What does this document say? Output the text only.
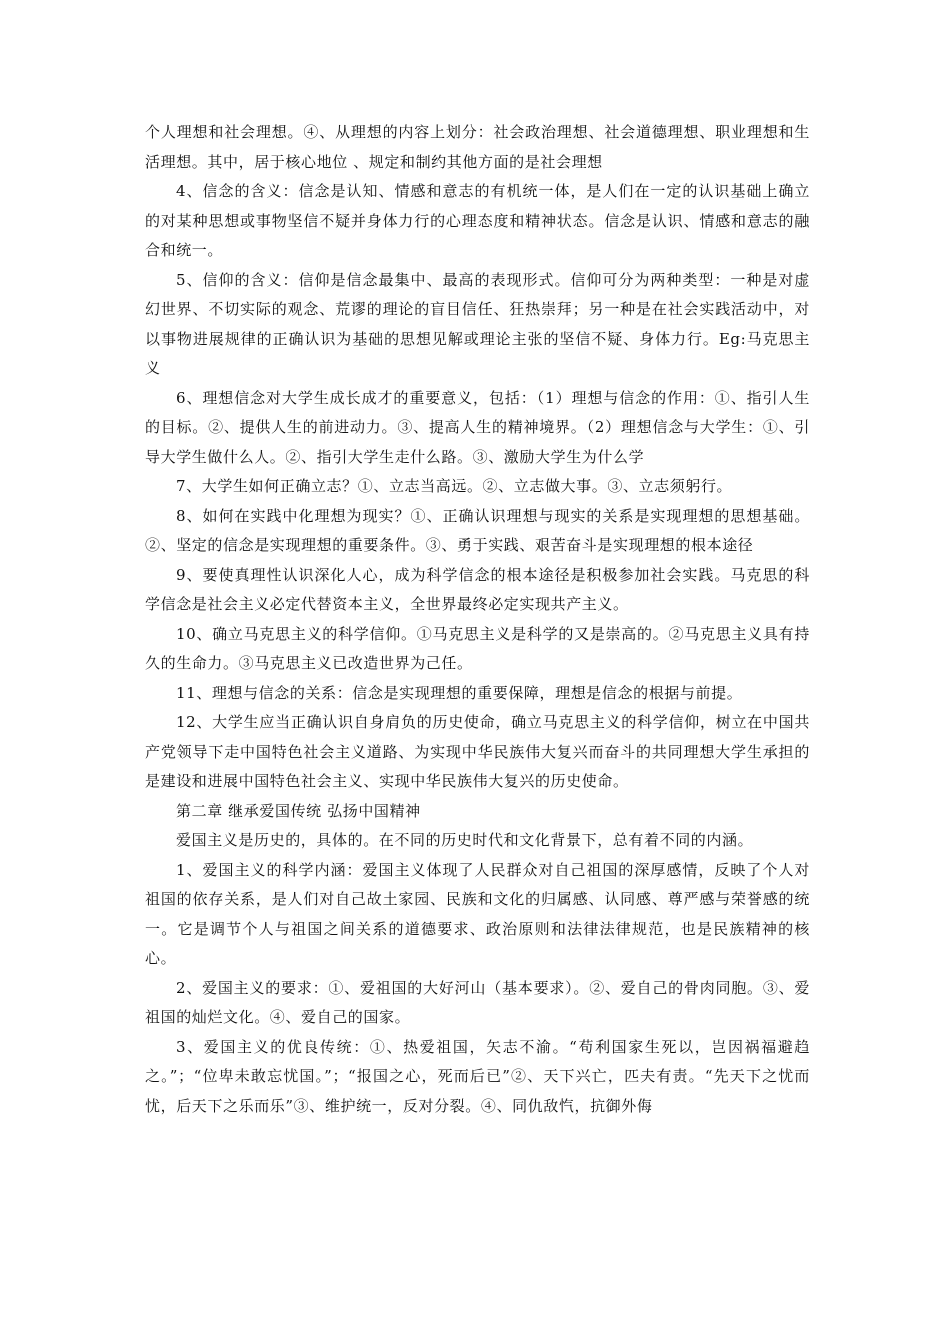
个人理想和社会理想。④、从理想的内容上划分：社会政治理想、社会道德理想、职业理想和生活理想。其中，居于核心地位 、规定和制约其他方面的是社会理想

4、信念的含义：信念是认知、情感和意志的有机统一体，是人们在一定的认识基础上确立的对某种思想或事物坚信不疑并身体力行的心理态度和精神状态。信念是认识、情感和意志的融合和统一。

5、信仰的含义：信仰是信念最集中、最高的表现形式。信仰可分为两种类型：一种是对虚幻世界、不切实际的观念、荒谬的理论的盲目信任、狂热崇拜；另一种是在社会实践活动中，对以事物进展规律的正确认识为基础的思想见解或理论主张的坚信不疑、身体力行。Eg:马克思主义

6、理想信念对大学生成长成才的重要意义，包括：（1）理想与信念的作用：①、指引人生的目标。②、提供人生的前进动力。③、提高人生的精神境界。（2）理想信念与大学生：①、引导大学生做什么人。②、指引大学生走什么路。③、激励大学生为什么学

7、大学生如何正确立志？①、立志当高远。②、立志做大事。③、立志须躬行。

8、如何在实践中化理想为现实？①、正确认识理想与现实的关系是实现理想的思想基础。②、坚定的信念是实现理想的重要条件。③、勇于实践、艰苦奋斗是实现理想的根本途径

9、要使真理性认识深化人心，成为科学信念的根本途径是积极参加社会实践。马克思的科学信念是社会主义必定代替资本主义，全世界最终必定实现共产主义。

10、确立马克思主义的科学信仰。①马克思主义是科学的又是崇高的。②马克思主义具有持久的生命力。③马克思主义已改造世界为己任。

11、理想与信念的关系：信念是实现理想的重要保障，理想是信念的根据与前提。

12、大学生应当正确认识自身肩负的历史使命，确立马克思主义的科学信仰，树立在中国共产党领导下走中国特色社会主义道路、为实现中华民族伟大复兴而奋斗的共同理想大学生承担的是建设和进展中国特色社会主义、实现中华民族伟大复兴的历史使命。

第二章 继承爱国传统 弘扬中国精神

爱国主义是历史的，具体的。在不同的历史时代和文化背景下，总有着不同的内涵。

1、爱国主义的科学内涵：爱国主义体现了人民群众对自己祖国的深厚感情，反映了个人对祖国的依存关系，是人们对自己故土家园、民族和文化的归属感、认同感、尊严感与荣誉感的统一。它是调节个人与祖国之间关系的道德要求、政治原则和法律法律规范，也是民族精神的核心。

2、爱国主义的要求：①、爱祖国的大好河山（基本要求）。②、爱自己的骨肉同胞。③、爱祖国的灿烂文化。④、爱自己的国家。

3、爱国主义的优良传统：①、热爱祖国，矢志不渝。“苟利国家生死以，岂因祸福避趋之。”；“位卑未敢忘忧国。”；“报国之心，死而后已”②、天下兴亡，匹夫有责。“先天下之忧而忧，后天下之乐而乐”③、维护统一，反对分裂。④、同仇敌忾，抗御外侮
